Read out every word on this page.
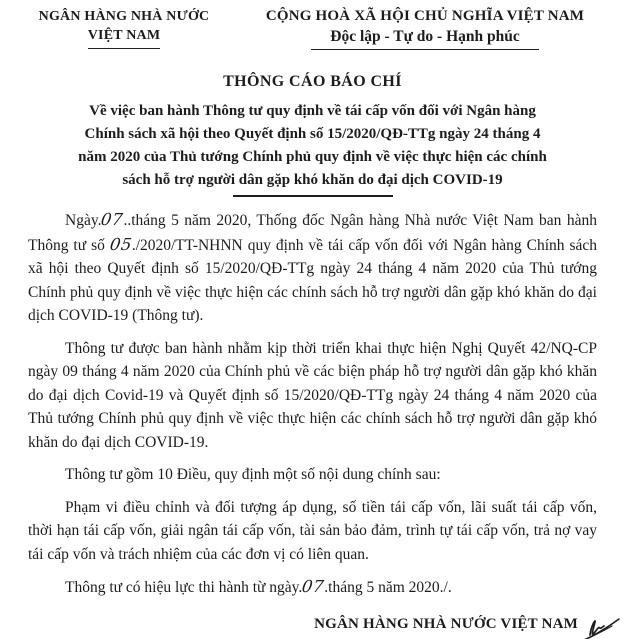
NGÂN HÀNG NHÀ NƯỚC
VIỆT NAM
CỘNG HOÀ XÃ HỘI CHỦ NGHĨA VIỆT NAM
Độc lập - Tự do - Hạnh phúc
THÔNG CÁO BÁO CHÍ
Về việc ban hành Thông tư quy định về tái cấp vốn đối với Ngân hàng
Chính sách xã hội theo Quyết định số 15/2020/QĐ-TTg ngày 24 tháng 4
năm 2020 của Thủ tướng Chính phủ quy định về việc thực hiện các chính
sách hỗ trợ người dân gặp khó khăn do đại dịch COVID-19

Ngày.07..tháng 5 năm 2020, Thống đốc Ngân hàng Nhà nước Việt Nam ban hành Thông tư số 05./2020/TT-NHNN quy định về tái cấp vốn đối với Ngân hàng Chính sách xã hội theo Quyết định số 15/2020/QĐ-TTg ngày 24 tháng 4 năm 2020 của Thủ tướng Chính phủ quy định về việc thực hiện các chính sách hỗ trợ người dân gặp khó khăn do đại dịch COVID-19 (Thông tư).

Thông tư được ban hành nhằm kịp thời triển khai thực hiện Nghị Quyết 42/NQ-CP ngày 09 tháng 4 năm 2020 của Chính phủ về các biện pháp hỗ trợ người dân gặp khó khăn do đại dịch Covid-19 và Quyết định số 15/2020/QĐ-TTg ngày 24 tháng 4 năm 2020 của Thủ tướng Chính phủ quy định về việc thực hiện các chính sách hỗ trợ người dân gặp khó khăn do đại dịch COVID-19.

Thông tư gồm 10 Điều, quy định một số nội dung chính sau:

Phạm vi điều chỉnh và đối tượng áp dụng, số tiền tái cấp vốn, lãi suất tái cấp vốn, thời hạn tái cấp vốn, giải ngân tái cấp vốn, tài sản bảo đảm, trình tự tái cấp vốn, trả nợ vay tái cấp vốn và trách nhiệm của các đơn vị có liên quan.

Thông tư có hiệu lực thi hành từ ngày.07.tháng 5 năm 2020./.

NGÂN HÀNG NHÀ NƯỚC VIỆT NAM
